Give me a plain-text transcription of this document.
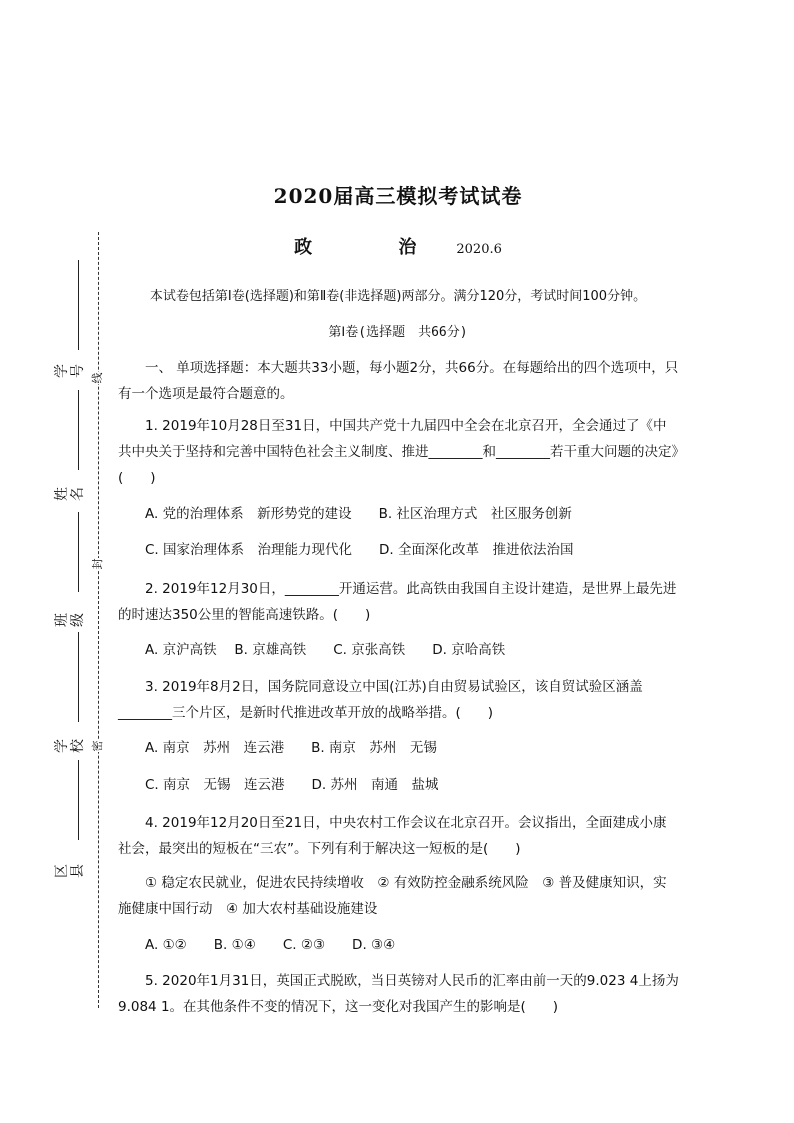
学号
姓名
班级
学校
区县
线
封
密
2020届高三模拟考试试卷
政 治2020.6
本试卷包括第Ⅰ卷(选择题)和第Ⅱ卷(非选择题)两部分。满分120分，考试时间100分钟。
第Ⅰ卷(选择题　共66分)
一、 单项选择题：本大题共33小题，每小题2分，共66分。在每题给出的四个选项中，只有一个选项是最符合题意的。
1. 2019年10月28日至31日，中国共产党十九届四中全会在北京召开，全会通过了《中共中央关于坚持和完善中国特色社会主义制度、推进________和________若干重大问题的决定》(　　)
A. 党的治理体系　新形势党的建设　　B. 社区治理方式　社区服务创新
C. 国家治理体系　治理能力现代化　　D. 全面深化改革　推进依法治国
2. 2019年12月30日，________开通运营。此高铁由我国自主设计建造，是世界上最先进的时速达350公里的智能高速铁路。(　　)
A. 京沪高铁　 B. 京雄高铁　　C. 京张高铁　　D. 京哈高铁
3. 2019年8月2日，国务院同意设立中国(江苏)自由贸易试验区，该自贸试验区涵盖________三个片区，是新时代推进改革开放的战略举措。(　　)
A. 南京　苏州　连云港　　B. 南京　苏州　无锡
C. 南京　无锡　连云港　　D. 苏州　南通　盐城
4. 2019年12月20日至21日，中央农村工作会议在北京召开。会议指出，全面建成小康社会，最突出的短板在“三农”。下列有利于解决这一短板的是(　　)
① 稳定农民就业，促进农民持续增收　② 有效防控金融系统风险　③ 普及健康知识，实施健康中国行动　④ 加大农村基础设施建设
A. ①②　　B. ①④　　C. ②③　　D. ③④
5. 2020年1月31日，英国正式脱欧，当日英镑对人民币的汇率由前一天的9.023 4上扬为9.084 1。在其他条件不变的情况下，这一变化对我国产生的影响是(　　)
